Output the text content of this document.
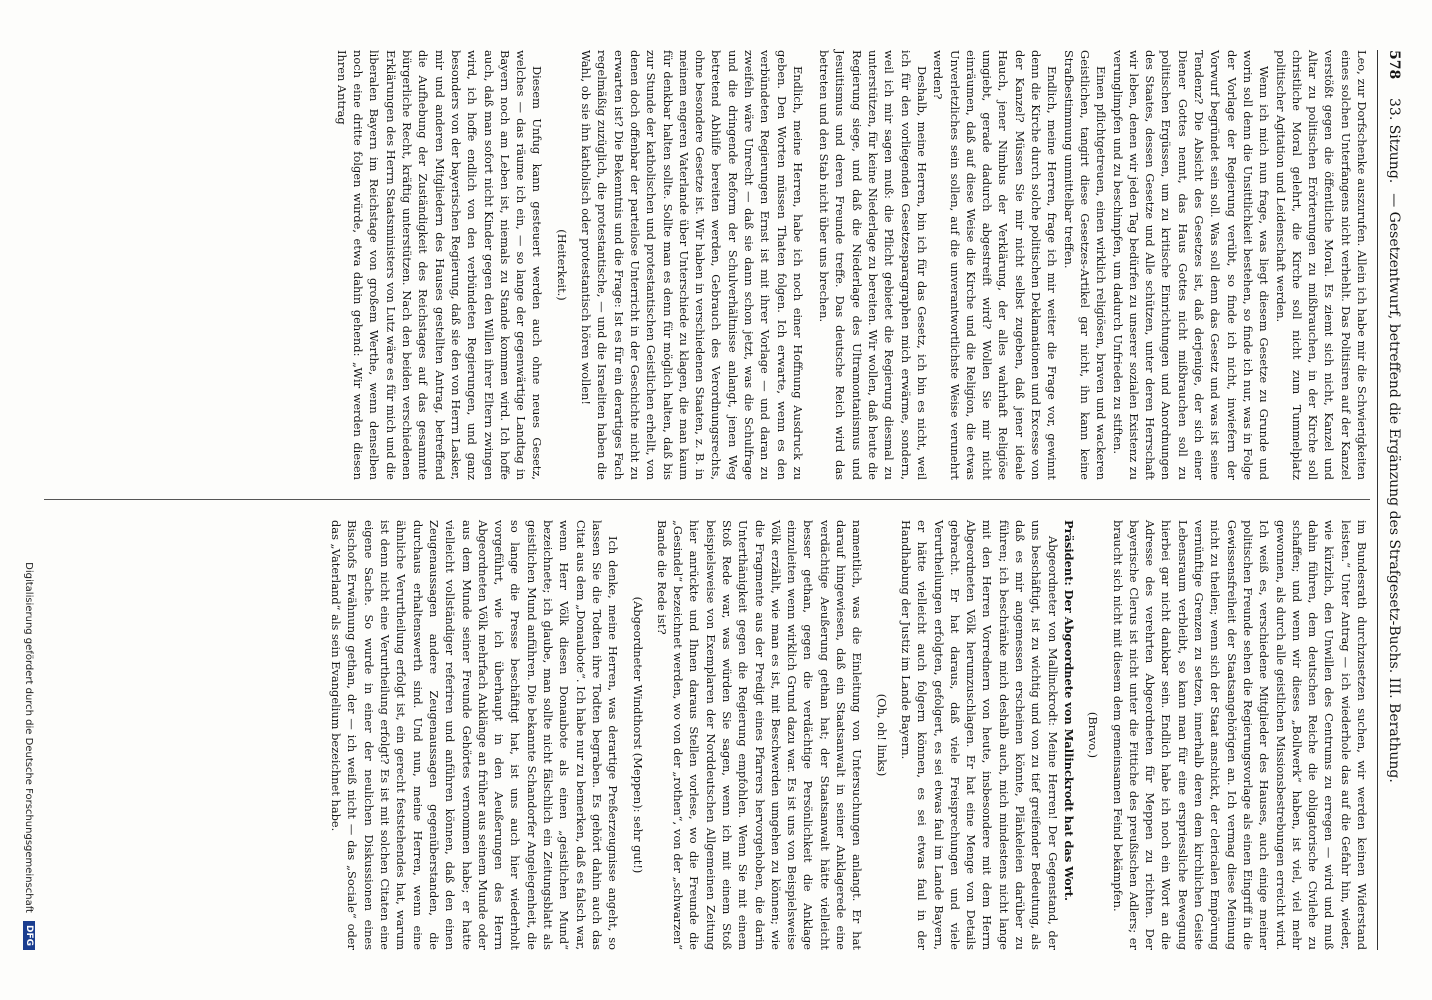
578
33. Sitzung.
— Gesetzentwurf, betreffend die Ergänzung des Strafgesetz-Buchs. III. Berathung.

Leo, zur Dorfschenke auszurufen. Allein ich habe mir die Schwierigkeiten eines solchen Unterfangens nicht verhehlt. Das Politisiren auf der Kanzel verstößt gegen die öffentliche Moral. Es ziemt sich nicht, Kanzel und Altar zu politischen Erörterungen zu mißbrauchen, in der Kirche soll christliche Moral gelehrt, die Kirche soll nicht zum Tummelplatz politischer Agitation und Leidenschaft werden.

Wenn ich mich nun frage, was liegt diesem Gesetze zu Grunde und worin soll denn die Unsittlichkeit bestehen, so finde ich nur, was in Folge der Vorlage der Regierung verübt, so finde ich nicht, inwiefern der Vorwurf begründet sein soll. Was soll denn das Gesetz und was ist seine Tendenz? Die Absicht des Gesetzes ist, daß derjenige, der sich einer Diener Gottes nennt, das Haus Gottes nicht mißbrauchen soll zu politischen Ergüssen, um zu kritische Einrichtungen und Anordnungen des Staates, dessen Gesetze und Alle schützen, unter deren Herrschaft wir leben, denen wir jeden Tag bedürfen zu unserer sozialen Existenz zu verunglimpfen und zu beschimpfen, um dadurch Unfrieden zu stiften.

Einen pflichtgetreuen, einen wirklich religiösen, braven und wackeren Geistlichen, tangirt diese Gesetzes-Artikel gar nicht, ihn kann keine Strafbestimmung unmittelbar treffen.

Endlich, meine Herren, frage ich mir weiter die Frage vor, gewinnt denn die Kirche durch solche politischen Deklamationen und Excesse von der Kanzel? Müssen Sie mir nicht selbst zugeben, daß jener ideale Hauch, jener Nimbus der Verklärung, der alles wahrhaft Religiöse umgiebt, gerade dadurch abgestreift wird? Wollen Sie mir nicht einräumen, daß auf diese Weise die Kirche und die Religion, die etwas Unverletzliches sein sollen, auf die unverantwortlichste Weise verunehrt werden?

Deshalb, meine Herren, bin ich für das Gesetz, ich bin es nicht, weil ich für den vorliegenden Gesetzesparagraphen mich erwärme, sondern, weil ich mir sagen muß: die Pflicht gebietet die Regierung diesmal zu unterstützen, für keine Niederlage zu bereiten. Wir wollen, daß heute die Regierung siege, und daß die Niederlage des Ultramontanismus und Jesuitismus und deren Freunde treffe. Das deutsche Reich wird das betreten und den Stab nicht über uns brechen.

Endlich, meine Herren, habe ich noch einer Hoffnung Ausdruck zu geben. Den Worten müssen Thaten folgen. Ich erwarte, wenn es den verbündeten Regierungen Ernst ist mit ihrer Vorlage — und daran zu zweifeln wäre Unrecht — daß sie dann schon jetzt, was die Schulfrage und die dringende Reform der Schulverhältnisse anlangt, jenen Weg betretend Abhilfe bereiten werden, Gebrauch des Verordnungsrechts, ohne besondere Gesetze ist. Wir haben in verschiedenen Staaten, z. B. in meinem engeren Vaterlande über Unterschiede zu klagen, die man kaum für denkbar halten sollte. Sollte man es denn für möglich halten, daß bis zur Stunde der katholischen und protestantischen Geistlichen erhellt, von denen doch offenbar der parteilose Unterricht in der Geschichte nicht zu erwarten ist? Die Bekenntnis und die Frage: Ist es für ein derartiges Fach regelmäßig zuzüglich, die protestantische, — und die Israeliten haben die Wahl, ob sie ihn katholisch oder protestantisch hören wollen!

(Heiterkeit.)

Diesem Unfug kann gesteuert werden auch ohne neues Gesetz, welches — das räume ich ein, — so lange der gegenwärtige Landtag in Bayern noch am Leben ist, niemals zu Stande kommen wird. Ich hoffe auch, daß man sofort nicht Kinder gegen den Willen ihrer Eltern zwingen wird, ich hoffe endlich von den verbündeten Regierungen, und ganz besonders von der bayerischen Regierung, daß sie den von Herrn Lasker, mir und anderen Mitgliedern des Hauses gestellten Antrag, betreffend die Aufhebung der Zuständigkeit des Reichstages auf das gesammte bürgerliche Recht, kräftig unterstützen. Nach den beiden verschiedenen Erklärungen des Herrn Staatsministers von Lutz wäre es für mich und die liberalen Bayern im Reichstage von großem Werthe, wenn denselben noch eine dritte folgen würde, etwa dahin gehend: „Wir werden diesen Ihren Antrag

im Bundesrath durchzusetzen suchen, wir werden keinen Widerstand leisten.“ Unter Antrag — ich wiederhole das auf die Gefahr hin, wieder, wie kürzlich, den Unwillen des Centrums zu erregen — wird und muß dahin führen, dem deutschen Reiche die obligatorische Civilehe zu schaffen; und wenn wir dieses „Bollwerk“ haben, ist viel, viel mehr gewonnen, als durch alle geistlichen Missionsbestrebungen erreicht wird. Ich weiß es, verschiedene Mitglieder des Hauses, auch einige meiner politischen Freunde sehen die Regierungsvorlage als einen Eingriff in die Gewissensfreiheit der Staatsangehörigen an. Ich vermag diese Meinung nicht zu theilen; wenn sich der Staat anschickt, der clericalen Empörung vernünftige Grenzen zu setzen, innerhalb deren dem kirchlichen Geiste Lebensraum verbleibt, so kann man für eine erspriessliche Bewegung hierbei gar nicht dankbar sein. Endlich habe ich noch ein Wort an die Adresse des verehrten Abgeordneten für Meppen zu richten. Der bayerische Clerus ist nicht unter die Fittiche des preußischen Adlers; er braucht sich nicht mit diesem dem gemeinsamen Feind bekämpfen.

(Bravo.)

Präsident: Der Abgeordnete von Mallinckrodt hat das Wort.

Abgeordneter von Mallinckrodt: Meine Herren! Der Gegenstand, der uns beschäftigt, ist zu wichtig und von zu tief greifender Bedeutung, als daß es mir angemessen erscheinen könnte, Plänkeleien darüber zu führen; ich beschränke mich deshalb auch, mich mindestens nicht lange mit den Herren Vorrednern von heute, insbesondere mit dem Herrn Abgeordneten Völk herumzuschlagen. Er hat eine Menge von Details gebracht. Er hat daraus, daß viele Freisprechungen und viele Verurtheilungen erfolgten, gefolgert, es sei etwas faul im Lande Bayern, er hätte vielleicht auch folgern können, es sei etwas faul in der Handhabung der Justiz im Lande Bayern.

(Oh, oh! links)

namentlich, was die Einleitung von Untersuchungen anlangt. Er hat darauf hingewiesen, daß ein Staatsanwalt in seiner Anklagerede eine verdächtige Aeußerung gethan hat; der Staatsanwalt hätte vielleicht besser gethan, gegen die verdächtige Persönlichkeit die Anklage einzuleiten wenn wirklich Grund dazu war. Es ist uns von Beispielsweise Völk erzählt, wie man es ist, mit Beschwerden umgehen zu können; wie die Fragmente aus der Predigt eines Pfarrers hervorgehoben, die darin Unterthänigkeit gegen die Regierung empfohlen. Wenn Sie mit einem Stoß Rede war, was würden Sie sagen, wenn ich mit einem Stoß beispielsweise von Exemplaren der Norddeutschen Allgemeinen Zeitung hier anrückte und Ihnen daraus Stellen vorlese, wo die Freunde die „Gesindel“ bezeichnet werden, wo von der „rothen“, von der „schwarzen“ Bande die Rede ist?

(Abgeordneter Windthorst (Meppen): sehr gut!)

Ich denke, meine Herren, was derartige Preßerzeugnisse angeht, so lassen Sie die Todten ihre Todten begraben. Es gehört dahin auch das Citat aus dem „Donaubote“. Ich habe nur zu bemerken, daß es falsch war, wenn Herr Völk diesen Donaubote als einen „geistlichen Mund“ bezeichnete; ich glaube, man sollte nicht fälschlich ein Zeitungsblatt als geistlichen Mund anführen. Die bekannte Schandorfer Angelegenheit, die so lange die Presse beschäftigt hat, ist uns auch hier wiederholt vorgeführt, wie ich überhaupt in den Aeußerungen des Herrn Abgeordneten Völk mehrfach Anklänge an früher aus seinem Munde oder aus dem Munde seiner Freunde Gehörtes vernommen habe; er hatte vielleicht vollständiger referiren und anführen können, daß den einen Zeugenaussagen andere Zeugenaussagen gegenüberstanden, die durchaus erhaltenswerth sind. Und nun, meine Herren, wenn eine ähnliche Verurtheilung erfolgt ist, ein gerecht feststehendes hat, warum ist denn nicht eine Verurtheilung erfolgt? Es ist mit solchen Citaten eine eigene Sache. So wurde in einer der neulichen Diskussionen eines Bischofs Erwähnung gethan, der — ich weiß nicht — das „Sociale“ oder das „Vaterland“ als sein Evangelium bezeichnet habe.

Digitalisierung gefördert durch die Deutsche Forschungsgemeinschaft
DFG
